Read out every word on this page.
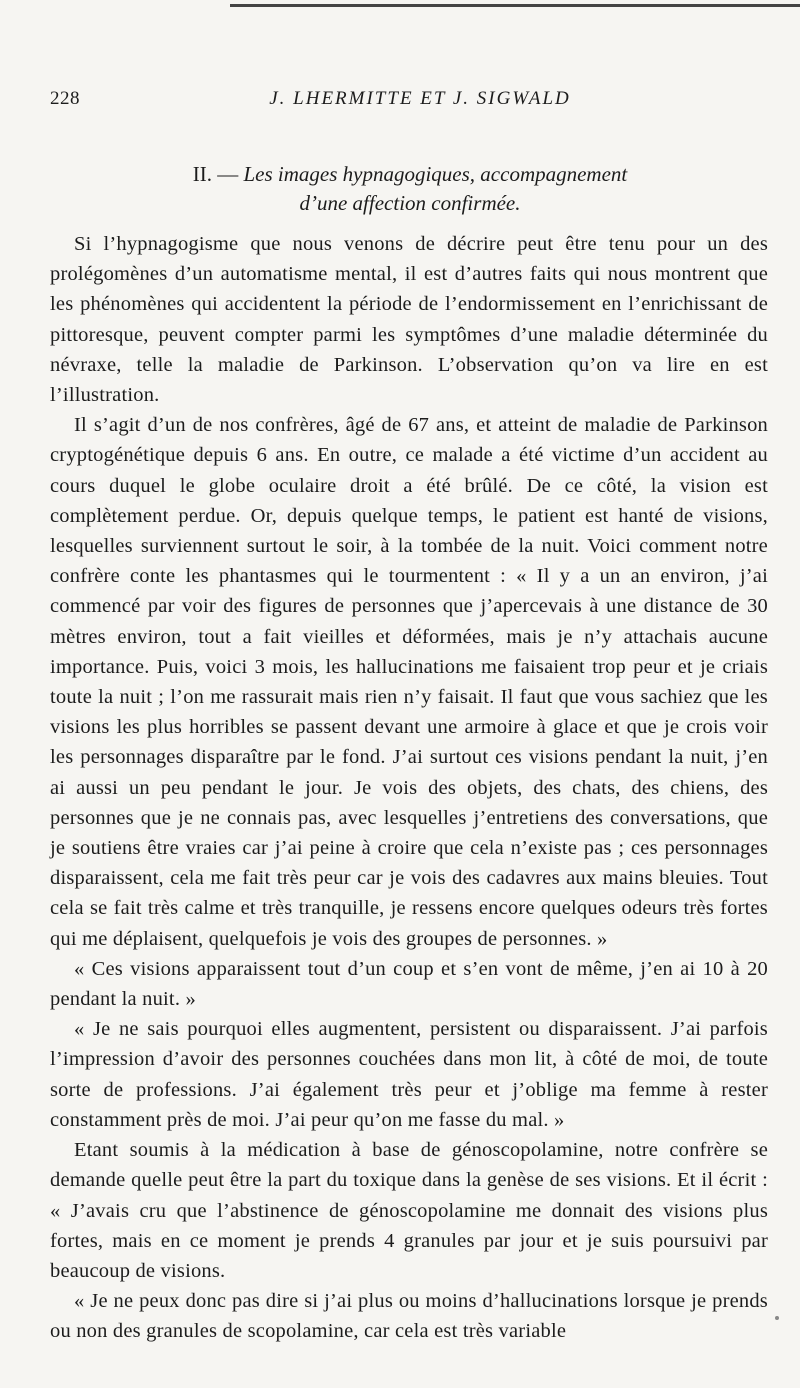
228	J. LHERMITTE ET J. SIGWALD
II. — Les images hypnagogiques, accompagnement
d’une affection confirmée.

Si l’hypnagogisme que nous venons de décrire peut être tenu pour un des prolégomènes d’un automatisme mental, il est d’autres faits qui nous montrent que les phénomènes qui accidentent la période de l’endormissement en l’enrichissant de pittoresque, peuvent compter parmi les symptômes d’une maladie déterminée du névraxe, telle la maladie de Parkinson. L’observation qu’on va lire en est l’illustration.

Il s’agit d’un de nos confrères, âgé de 67 ans, et atteint de maladie de Parkinson cryptogénétique depuis 6 ans. En outre, ce malade a été victime d’un accident au cours duquel le globe oculaire droit a été brûlé. De ce côté, la vision est complètement perdue. Or, depuis quelque temps, le patient est hanté de visions, lesquelles surviennent surtout le soir, à la tombée de la nuit. Voici comment notre confrère conte les phantasmes qui le tourmentent : « Il y a un an environ, j’ai commencé par voir des figures de personnes que j’apercevais à une distance de 30 mètres environ, tout a fait vieilles et déformées, mais je n’y attachais aucune importance. Puis, voici 3 mois, les hallucinations me faisaient trop peur et je criais toute la nuit ; l’on me rassurait mais rien n’y faisait. Il faut que vous sachiez que les visions les plus horribles se passent devant une armoire à glace et que je crois voir les personnages disparaître par le fond. J’ai surtout ces visions pendant la nuit, j’en ai aussi un peu pendant le jour. Je vois des objets, des chats, des chiens, des personnes que je ne connais pas, avec lesquelles j’entretiens des conversations, que je soutiens être vraies car j’ai peine à croire que cela n’existe pas ; ces personnages disparaissent, cela me fait très peur car je vois des cadavres aux mains bleuies. Tout cela se fait très calme et très tranquille, je ressens encore quelques odeurs très fortes qui me déplaisent, quelquefois je vois des groupes de personnes. »

« Ces visions apparaissent tout d’un coup et s’en vont de même, j’en ai 10 à 20 pendant la nuit. »

« Je ne sais pourquoi elles augmentent, persistent ou disparaissent. J’ai parfois l’impression d’avoir des personnes couchées dans mon lit, à côté de moi, de toute sorte de professions. J’ai également très peur et j’oblige ma femme à rester constamment près de moi. J’ai peur qu’on me fasse du mal. »

Etant soumis à la médication à base de génoscopolamine, notre confrère se demande quelle peut être la part du toxique dans la genèse de ses visions. Et il écrit : « J’avais cru que l’abstinence de génoscopolamine me donnait des visions plus fortes, mais en ce moment je prends 4 granules par jour et je suis poursuivi par beaucoup de visions.

« Je ne peux donc pas dire si j’ai plus ou moins d’hallucinations lorsque je prends ou non des granules de scopolamine, car cela est très variable
